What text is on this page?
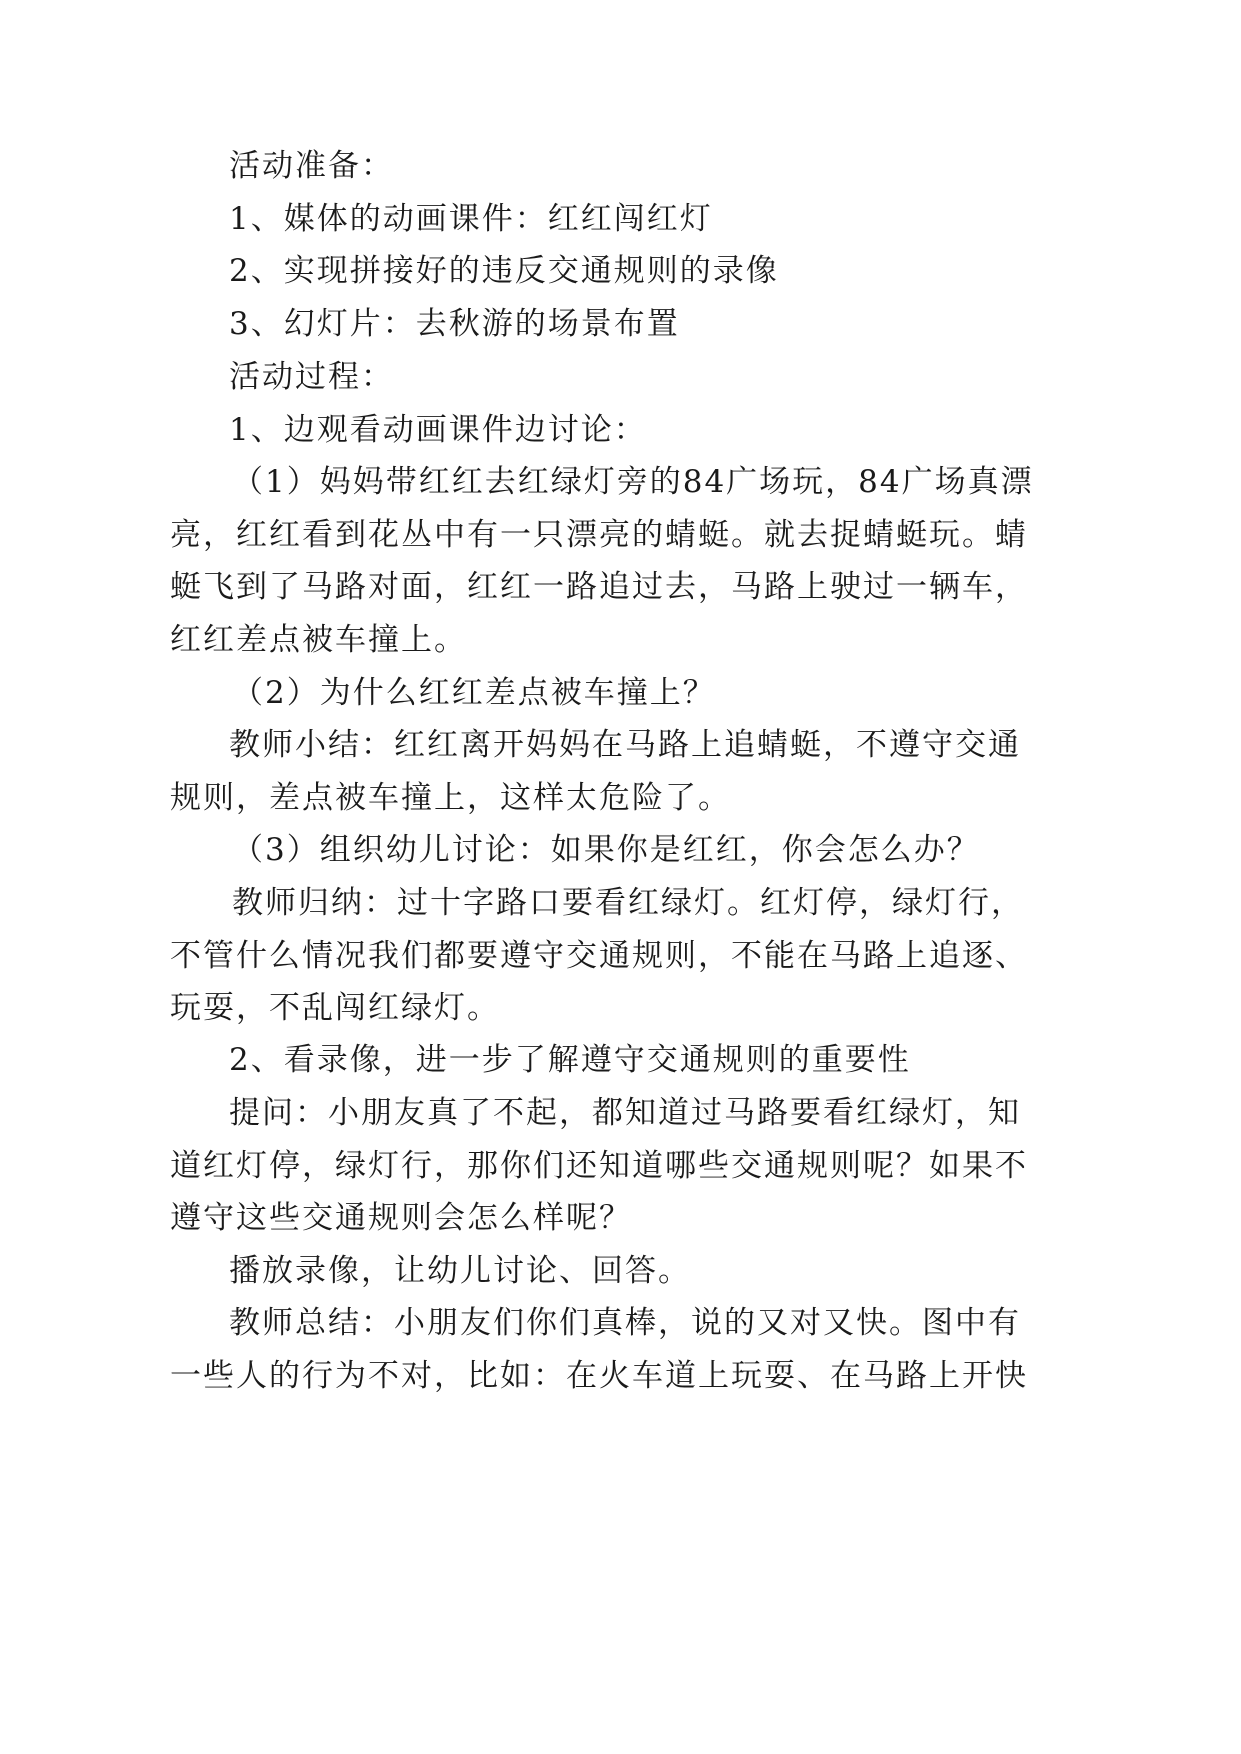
活动准备：
1、媒体的动画课件：红红闯红灯
2、实现拼接好的违反交通规则的录像
3、幻灯片：去秋游的场景布置
活动过程：
1、边观看动画课件边讨论：
（1）妈妈带红红去红绿灯旁的84广场玩，84广场真漂
亮，红红看到花丛中有一只漂亮的蜻蜓。就去捉蜻蜓玩。蜻
蜓飞到了马路对面，红红一路追过去，马路上驶过一辆车，
红红差点被车撞上。
（2）为什么红红差点被车撞上？
教师小结：红红离开妈妈在马路上追蜻蜓，不遵守交通
规则，差点被车撞上，这样太危险了。
（3）组织幼儿讨论：如果你是红红，你会怎么办？
教师归纳：过十字路口要看红绿灯。红灯停，绿灯行，
不管什么情况我们都要遵守交通规则，不能在马路上追逐、
玩耍，不乱闯红绿灯。
2、看录像，进一步了解遵守交通规则的重要性
提问：小朋友真了不起，都知道过马路要看红绿灯，知
道红灯停，绿灯行，那你们还知道哪些交通规则呢？如果不
遵守这些交通规则会怎么样呢？
播放录像，让幼儿讨论、回答。
教师总结：小朋友们你们真棒，说的又对又快。图中有
一些人的行为不对，比如：在火车道上玩耍、在马路上开快
